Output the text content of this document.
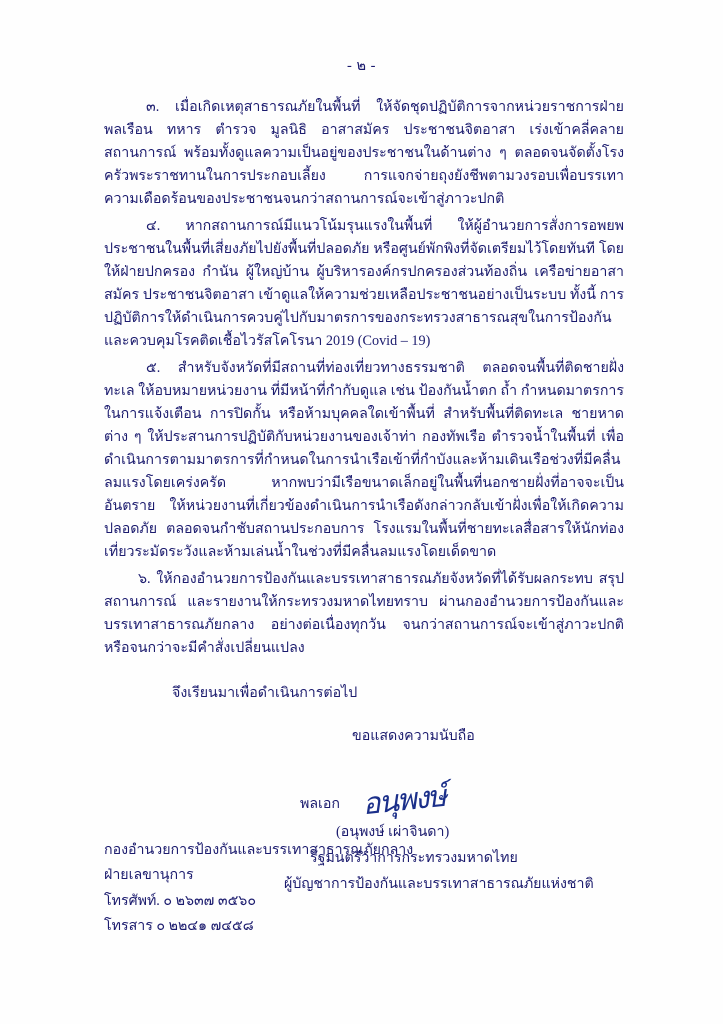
- ๒ -

๓. เมื่อเกิดเหตุสาธารณภัยในพื้นที่ ให้จัดชุดปฏิบัติการจากหน่วยราชการฝ่ายพลเรือน ทหาร ตำรวจ มูลนิธิ อาสาสมัคร ประชาชนจิตอาสา เร่งเข้าคลี่คลายสถานการณ์ พร้อมทั้งดูแลความเป็นอยู่ของประชาชนในด้านต่าง ๆ ตลอดจนจัดตั้งโรงครัวพระราชทานในการประกอบเลี้ยง การแจกจ่ายถุงยังชีพตามวงรอบเพื่อบรรเทาความเดือดร้อนของประชาชนจนกว่าสถานการณ์จะเข้าสู่ภาวะปกติ

๔. หากสถานการณ์มีแนวโน้มรุนแรงในพื้นที่ ให้ผู้อำนวยการสั่งการอพยพประชาชนในพื้นที่เสี่ยงภัยไปยังพื้นที่ปลอดภัย หรือศูนย์พักพิงที่จัดเตรียมไว้โดยทันที โดยให้ฝ่ายปกครอง กำนัน ผู้ใหญ่บ้าน ผู้บริหารองค์กรปกครองส่วนท้องถิ่น เครือข่ายอาสาสมัคร ประชาชนจิตอาสา เข้าดูแลให้ความช่วยเหลือประชาชนอย่างเป็นระบบ ทั้งนี้ การปฏิบัติการให้ดำเนินการควบคู่ไปกับมาตรการของกระทรวงสาธารณสุขในการป้องกันและควบคุมโรคติดเชื้อไวรัสโคโรนา 2019 (Covid – 19)

๕. สำหรับจังหวัดที่มีสถานที่ท่องเที่ยวทางธรรมชาติ ตลอดจนพื้นที่ติดชายฝั่งทะเล ให้อบหมายหน่วยงาน ที่มีหน้าที่กำกับดูแล เช่น ป้องกันน้ำตก ถ้ำ กำหนดมาตรการในการแจ้งเตือน การปิดกั้น หรือห้ามบุคคลใดเข้าพื้นที่ สำหรับพื้นที่ติดทะเล ชายหาดต่าง ๆ ให้ประสานการปฏิบัติกับหน่วยงานของเจ้าท่า กองทัพเรือ ตำรวจน้ำในพื้นที่ เพื่อดำเนินการตามมาตรการที่กำหนดในการนำเรือเข้าที่กำบังและห้ามเดินเรือช่วงที่มีคลื่นลมแรงโดยเคร่งครัด หากพบว่ามีเรือขนาดเล็กอยู่ในพื้นที่นอกชายฝั่งที่อาจจะเป็นอันตราย ให้หน่วยงานที่เกี่ยวข้องดำเนินการนำเรือดังกล่าวกลับเข้าฝั่งเพื่อให้เกิดความปลอดภัย ตลอดจนกำชับสถานประกอบการ โรงแรมในพื้นที่ชายทะเลสื่อสารให้นักท่องเที่ยวระมัดระวังและห้ามเล่นน้ำในช่วงที่มีคลื่นลมแรงโดยเด็ดขาด

๖. ให้กองอำนวยการป้องกันและบรรเทาสาธารณภัยจังหวัดที่ได้รับผลกระทบ สรุปสถานการณ์ และรายงานให้กระทรวงมหาดไทยทราบ ผ่านกองอำนวยการป้องกันและบรรเทาสาธารณภัยกลาง อย่างต่อเนื่องทุกวัน จนกว่าสถานการณ์จะเข้าสู่ภาวะปกติ หรือจนกว่าจะมีคำสั่งเปลี่ยนแปลง

จึงเรียนมาเพื่อดำเนินการต่อไป
ขอแสดงความนับถือ
พลเอก อนุพงษ์
(อนุพงษ์ เผ่าจินดา)
รัฐมนตรีว่าการกระทรวงมหาดไทย
ผู้บัญชาการป้องกันและบรรเทาสาธารณภัยแห่งชาติ
กองอำนวยการป้องกันและบรรเทาสาธารณภัยกลาง
ฝ่ายเลขานุการ
โทรศัพท์. ๐ ๒๖๓๗ ๓๕๖๐
โทรสาร ๐ ๒๒๔๑ ๗๔๕๘
